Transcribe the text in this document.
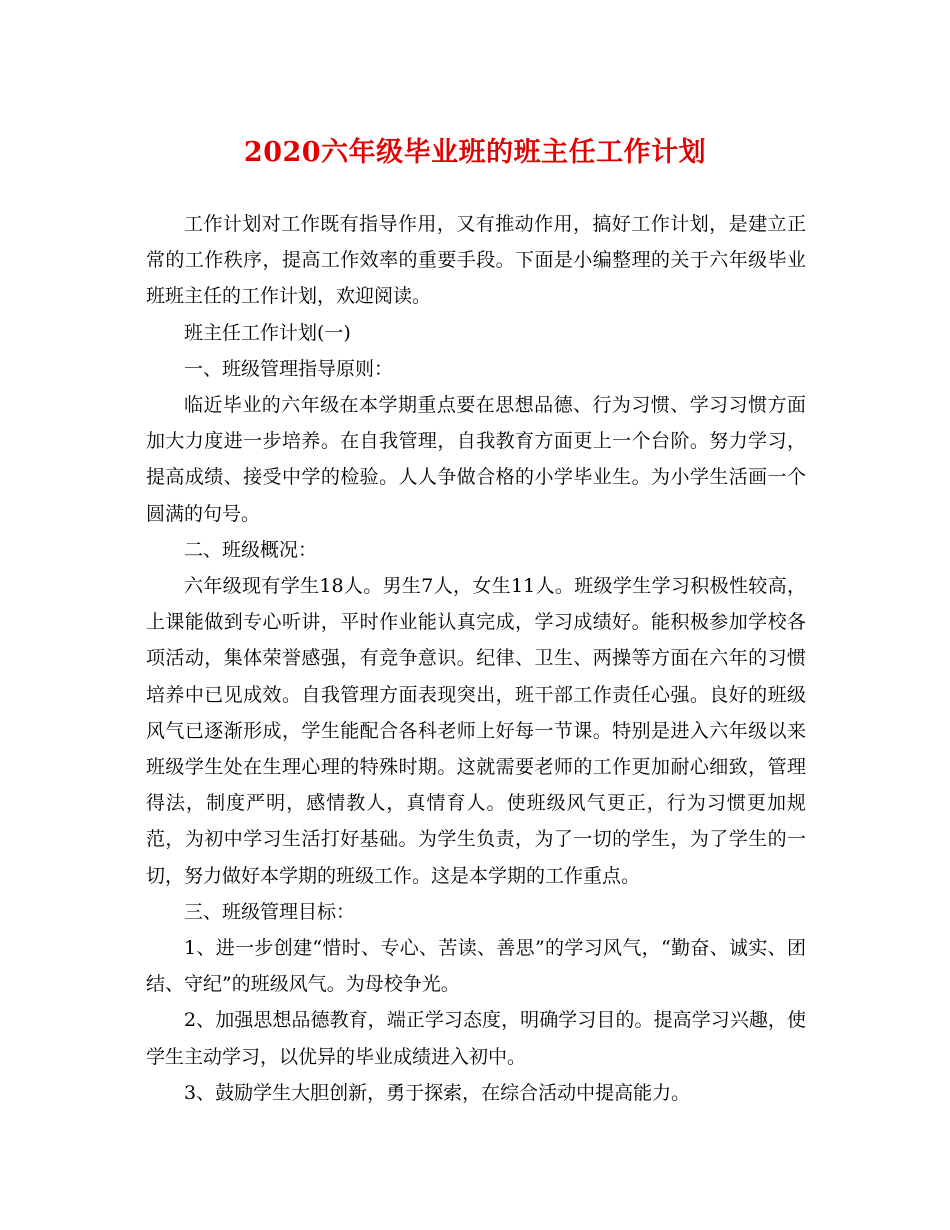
2020六年级毕业班的班主任工作计划

工作计划对工作既有指导作用，又有推动作用，搞好工作计划，是建立正常的工作秩序，提高工作效率的重要手段。下面是小编整理的关于六年级毕业班班主任的工作计划，欢迎阅读。

班主任工作计划(一)

一、班级管理指导原则：

临近毕业的六年级在本学期重点要在思想品德、行为习惯、学习习惯方面加大力度进一步培养。在自我管理，自我教育方面更上一个台阶。努力学习，提高成绩、接受中学的检验。人人争做合格的小学毕业生。为小学生活画一个圆满的句号。

二、班级概况：

六年级现有学生18人。男生7人，女生11人。班级学生学习积极性较高，上课能做到专心听讲，平时作业能认真完成，学习成绩好。能积极参加学校各项活动，集体荣誉感强，有竞争意识。纪律、卫生、两操等方面在六年的习惯培养中已见成效。自我管理方面表现突出，班干部工作责任心强。良好的班级风气已逐渐形成，学生能配合各科老师上好每一节课。特别是进入六年级以来班级学生处在生理心理的特殊时期。这就需要老师的工作更加耐心细致，管理得法，制度严明，感情教人，真情育人。使班级风气更正，行为习惯更加规范，为初中学习生活打好基础。为学生负责，为了一切的学生，为了学生的一切，努力做好本学期的班级工作。这是本学期的工作重点。

三、班级管理目标：

1、进一步创建“惜时、专心、苦读、善思”的学习风气，“勤奋、诚实、团结、守纪”的班级风气。为母校争光。

2、加强思想品德教育，端正学习态度，明确学习目的。提高学习兴趣，使学生主动学习，以优异的毕业成绩进入初中。

3、鼓励学生大胆创新，勇于探索，在综合活动中提高能力。
